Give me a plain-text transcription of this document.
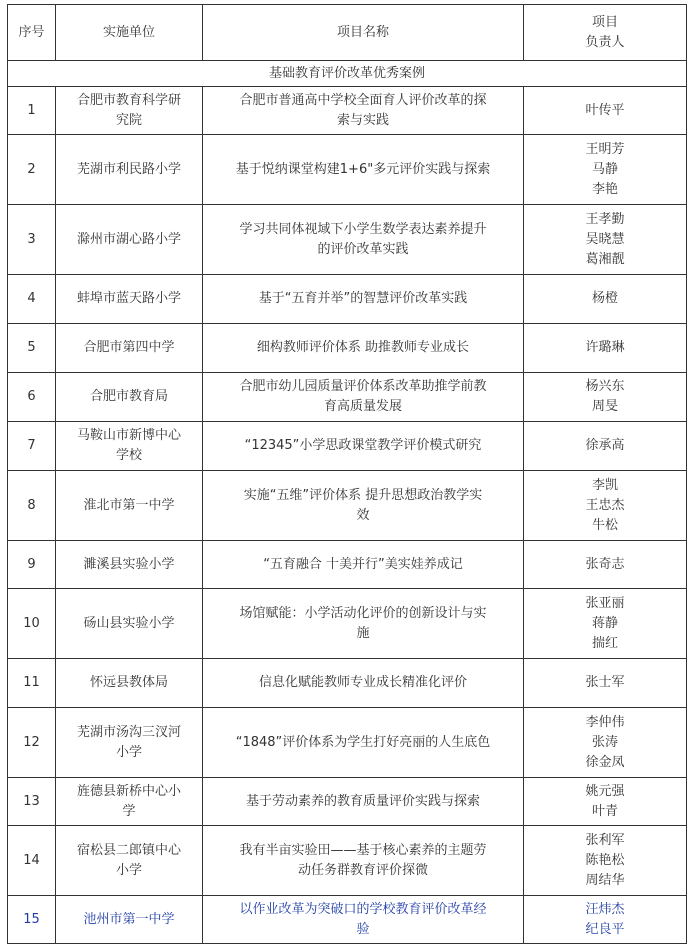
序号	实施单位	项目名称	项目
负责人

基础教育评价改革优秀案例			
1	合肥市教育科学研
究院	合肥市普通高中学校全面育人评价改革的探
索与实践	叶传平

2	芜湖市利民路小学	基于悦纳课堂构建1+6"多元评价实践与探索	王明芳
马静
李艳

3	滁州市湖心路小学	学习共同体视域下小学生数学表达素养提升
的评价改革实践	王孝勤
吴晓慧
葛湘靓

4	蚌埠市蓝天路小学	基于“五育并举”的智慧评价改革实践	杨橙

5	合肥市第四中学	细构教师评价体系 助推教师专业成长	许璐琳

6	合肥市教育局	合肥市幼儿园质量评价体系改革助推学前教
育高质量发展	杨兴东
周旻

7	马鞍山市新博中心
学校	“12345”小学思政课堂教学评价模式研究	徐承高

8	淮北市第一中学	实施“五维”评价体系 提升思想政治教学实
效	李凯
王忠杰
牛松

9	濉溪县实验小学	“五育融合 十美并行”美实娃养成记	张奇志

10	砀山县实验小学	场馆赋能：小学活动化评价的创新设计与实
施	张亚丽
蒋静
揣红

11	怀远县教体局	信息化赋能教师专业成长精准化评价	张士军

12	芜湖市汤沟三汊河
小学	“1848”评价体系为学生打好亮丽的人生底色	李仲伟
张涛
徐金凤

13	旌德县新桥中心小
学	基于劳动素养的教育质量评价实践与探索	姚元强
叶青

14	宿松县二郎镇中心
小学	我有半亩实验田——基于核心素养的主题劳
动任务群教育评价探微	张利军
陈艳松
周结华

15	池州市第一中学	以作业改革为突破口的学校教育评价改革经
验	汪炜杰
纪良平
